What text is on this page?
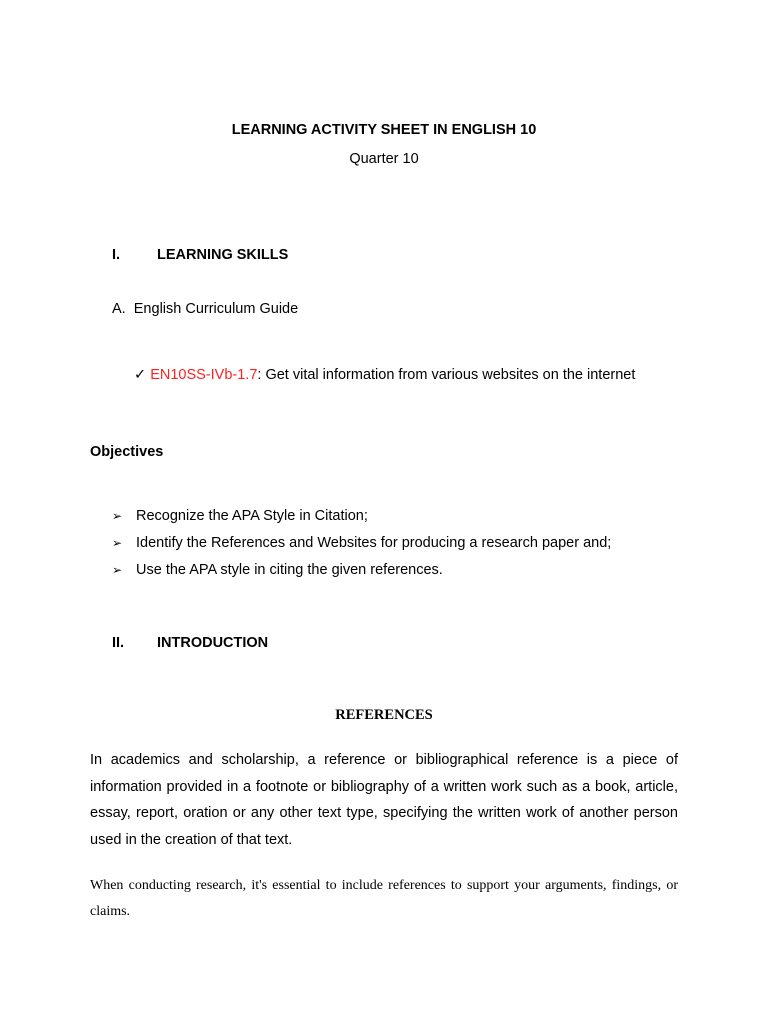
LEARNING ACTIVITY SHEET IN ENGLISH 10
Quarter 10
I.	LEARNING SKILLS
A. English Curriculum Guide
✓ EN10SS-IVb-1.7: Get vital information from various websites on the internet
Objectives
➢ Recognize the APA Style in Citation;
➢ Identify the References and Websites for producing a research paper and;
➢ Use the APA style in citing the given references.
II. INTRODUCTION
REFERENCES
In academics and scholarship, a reference or bibliographical reference is a piece of information provided in a footnote or bibliography of a written work such as a book, article, essay, report, oration or any other text type, specifying the written work of another person used in the creation of that text.
When conducting research, it's essential to include references to support your arguments, findings, or claims.
